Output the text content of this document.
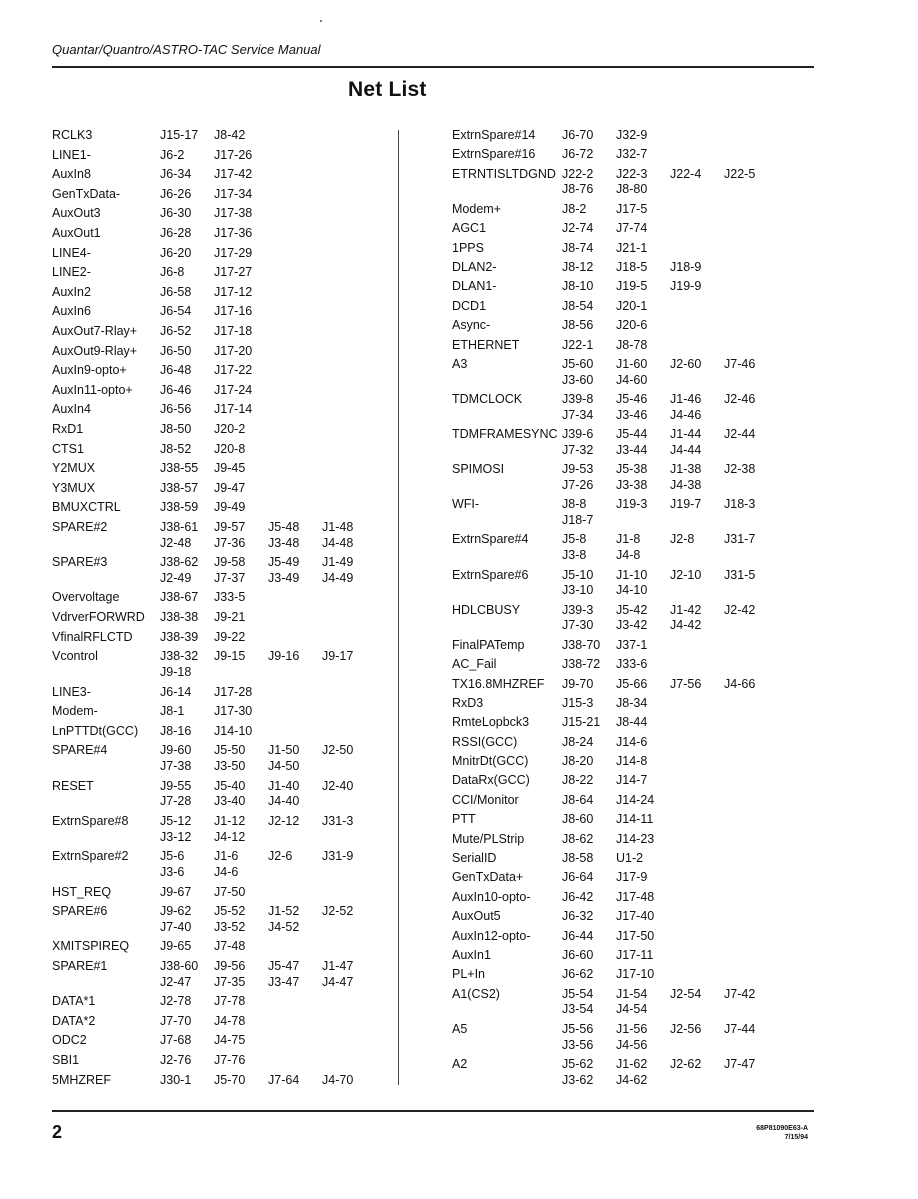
Quantar/Quantro/ASTRO-TAC Service Manual
Net List
RCLK3	J15-17	J8-42
LINE1-	J6-2	J17-26
AuxIn8	J6-34	J17-42
GenTxData-	J6-26	J17-34
AuxOut3	J6-30	J17-38
AuxOut1	J6-28	J17-36
LINE4-	J6-20	J17-29
LINE2-	J6-8	J17-27
AuxIn2	J6-58	J17-12
AuxIn6	J6-54	J17-16
AuxOut7-Rlay+	J6-52	J17-18
AuxOut9-Rlay+	J6-50	J17-20
AuxIn9-opto+	J6-48	J17-22
AuxIn11-opto+	J6-46	J17-24
AuxIn4	J6-56	J17-14
RxD1	J8-50	J20-2
CTS1	J8-52	J20-8
Y2MUX	J38-55	J9-45
Y3MUX	J38-57	J9-47
BMUXCTRL	J38-59	J9-49
SPARE#2	J38-61	J9-57	J5-48	J1-48
J2-48	J7-36	J3-48	J4-48
SPARE#3	J38-62	J9-58	J5-49	J1-49
J2-49	J7-37	J3-49	J4-49
Overvoltage	J38-67	J33-5
VdrverFORWRD	J38-38	J9-21
VfinalRFLCTD	J38-39	J9-22
Vcontrol	J38-32	J9-15	J9-16	J9-17
J9-18
LINE3-	J6-14	J17-28
Modem-	J8-1	J17-30
LnPTTDt(GCC)	J8-16	J14-10
SPARE#4	J9-60	J5-50	J1-50	J2-50
J7-38	J3-50	J4-50
RESET	J9-55	J5-40	J1-40	J2-40
J7-28	J3-40	J4-40
ExtrnSpare#8	J5-12	J1-12	J2-12	J31-3
J3-12	J4-12
ExtrnSpare#2	J5-6	J1-6	J2-6	J31-9
J3-6	J4-6
HST_REQ	J9-67	J7-50
SPARE#6	J9-62	J5-52	J1-52	J2-52
J7-40	J3-52	J4-52
XMITSPIREQ	J9-65	J7-48
SPARE#1	J38-60	J9-56	J5-47	J1-47
J2-47	J7-35	J3-47	J4-47
DATA*1	J2-78	J7-78
DATA*2	J7-70	J4-78
ODC2	J7-68	J4-75
SBI1	J2-76	J7-76
5MHZREF	J30-1	J5-70	J7-64	J4-70
ExtrnSpare#14	J6-70	J32-9
ExtrnSpare#16	J6-72	J32-7
ETRNTISLTDGND J22-2	J22-3	J22-4	J22-5
J8-76	J8-80
Modem+	J8-2	J17-5
AGC1	J2-74	J7-74
1PPS	J8-74	J21-1
DLAN2-	J8-12	J18-5	J18-9
DLAN1-	J8-10	J19-5	J19-9
DCD1	J8-54	J20-1
Async-	J8-56	J20-6
ETHERNET	J22-1	J8-78
A3	J5-60	J1-60	J2-60	J7-46
J3-60	J4-60
TDMCLOCK	J39-8	J5-46	J1-46	J2-46
J7-34	J3-46	J4-46
TDMFRAMESYNC J39-6	J5-44	J1-44	J2-44
J7-32	J3-44	J4-44
SPIMOSI	J9-53	J5-38	J1-38	J2-38
J7-26	J3-38	J4-38
WFI-	J8-8	J19-3	J19-7	J18-3
J18-7
ExtrnSpare#4	J5-8	J1-8	J2-8	J31-7
J3-8	J4-8
ExtrnSpare#6	J5-10	J1-10	J2-10	J31-5
J3-10	J4-10
HDLCBUSY	J39-3	J5-42	J1-42	J2-42
J7-30	J3-42	J4-42
FinalPATemp	J38-70	J37-1
AC_Fail	J38-72	J33-6
TX16.8MHZREF	J9-70	J5-66	J7-56	J4-66
RxD3	J15-3	J8-34
RmteLopbck3	J15-21	J8-44
RSSI(GCC)	J8-24	J14-6
MnitrDt(GCC)	J8-20	J14-8
DataRx(GCC)	J8-22	J14-7
CCI/Monitor	J8-64	J14-24
PTT	J8-60	J14-11
Mute/PLStrip	J8-62	J14-23
SerialID	J8-58	U1-2
GenTxData+	J6-64	J17-9
AuxIn10-opto-	J6-42	J17-48
AuxOut5	J6-32	J17-40
AuxIn12-opto-	J6-44	J17-50
AuxIn1	J6-60	J17-11
PL+In	J6-62	J17-10
A1(CS2)	J5-54	J1-54	J2-54	J7-42
J3-54	J4-54
A5	J5-56	J1-56	J2-56	J7-44
J3-56	J4-56
A2	J5-62	J1-62	J2-62	J7-47
J3-62	J4-62
2	68P81090E63-A
7/15/94
